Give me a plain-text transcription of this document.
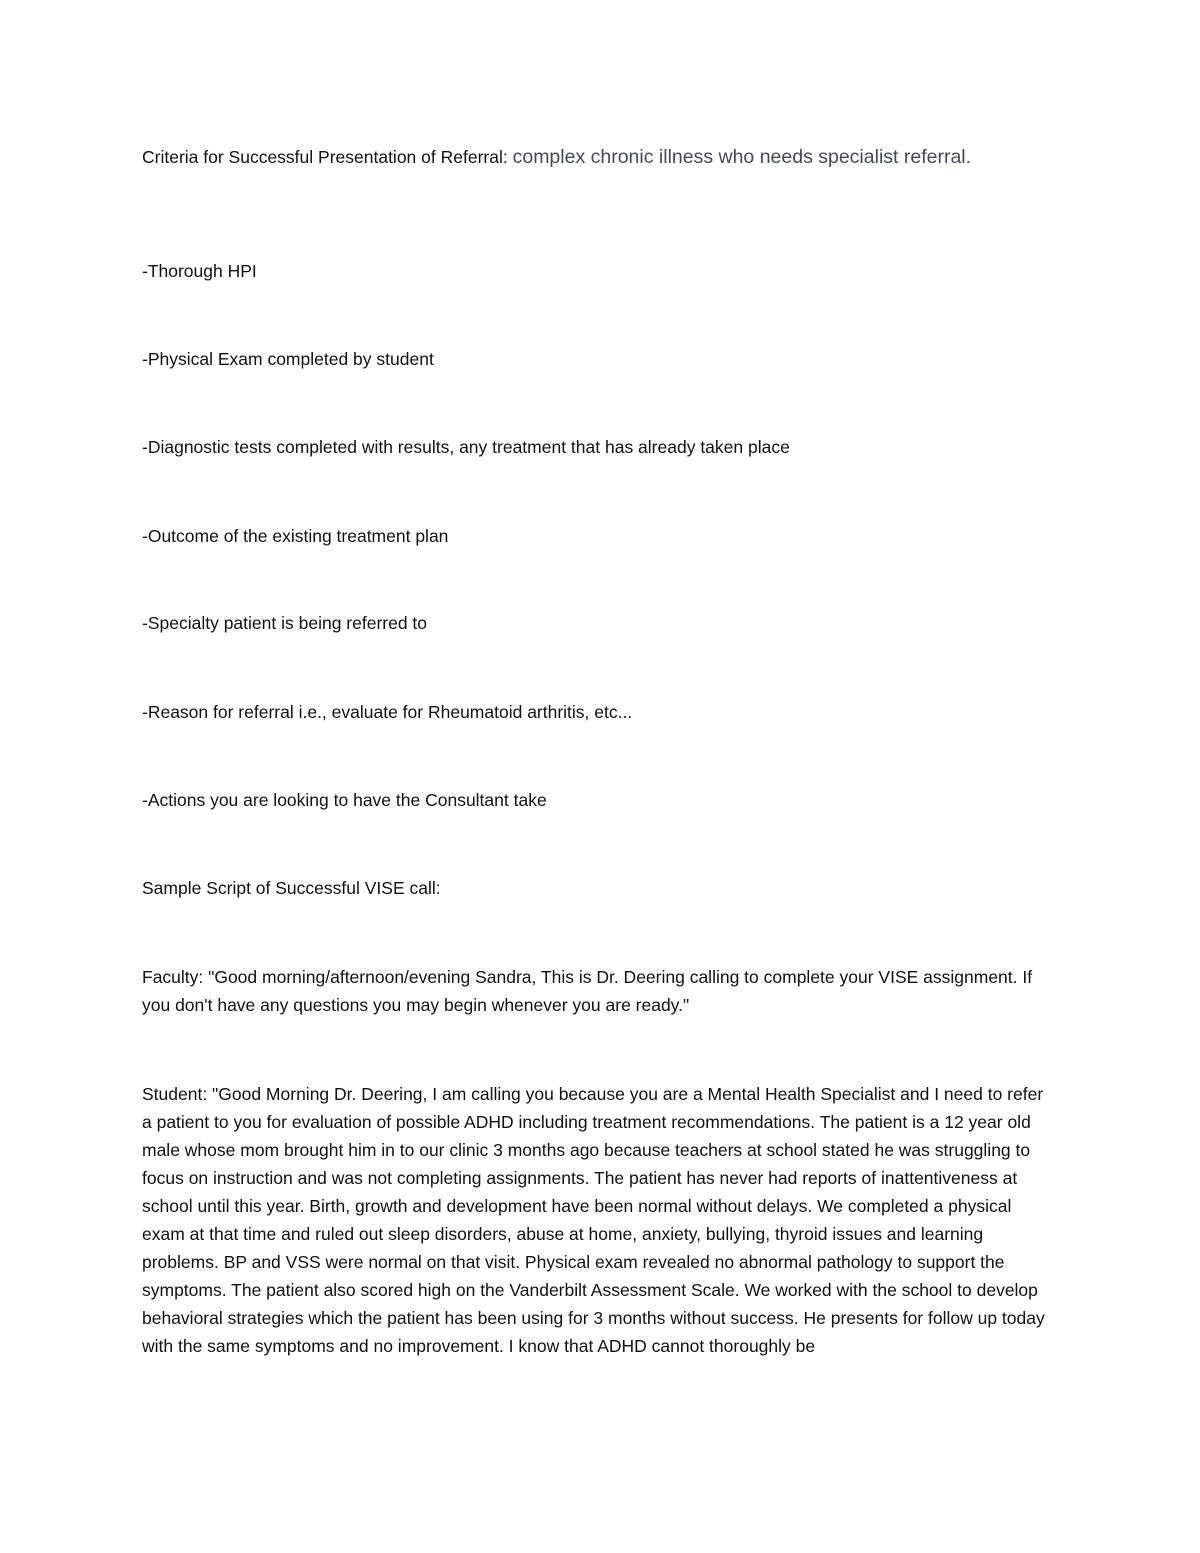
Criteria for Successful Presentation of Referral: complex chronic illness who needs specialist referral.
-Thorough HPI
-Physical Exam completed by student
-Diagnostic tests completed with results, any treatment that has already taken place
-Outcome of the existing treatment plan
-Specialty patient is being referred to
-Reason for referral i.e., evaluate for Rheumatoid arthritis, etc...
-Actions you are looking to have the Consultant take
Sample Script of Successful VISE call:
Faculty: "Good morning/afternoon/evening Sandra, This is Dr. Deering calling to complete your VISE assignment. If you don't have any questions you may begin whenever you are ready."
Student: "Good Morning Dr. Deering, I am calling you because you are a Mental Health Specialist and I need to refer a patient to you for evaluation of possible ADHD including treatment recommendations. The patient is a 12 year old male whose mom brought him in to our clinic 3 months ago because teachers at school stated he was struggling to focus on instruction and was not completing assignments. The patient has never had reports of inattentiveness at school until this year. Birth, growth and development have been normal without delays. We completed a physical exam at that time and ruled out sleep disorders, abuse at home, anxiety, bullying, thyroid issues and learning problems. BP and VSS were normal on that visit. Physical exam revealed no abnormal pathology to support the symptoms. The patient also scored high on the Vanderbilt Assessment Scale. We worked with the school to develop behavioral strategies which the patient has been using for 3 months without success. He presents for follow up today with the same symptoms and no improvement. I know that ADHD cannot thoroughly be
